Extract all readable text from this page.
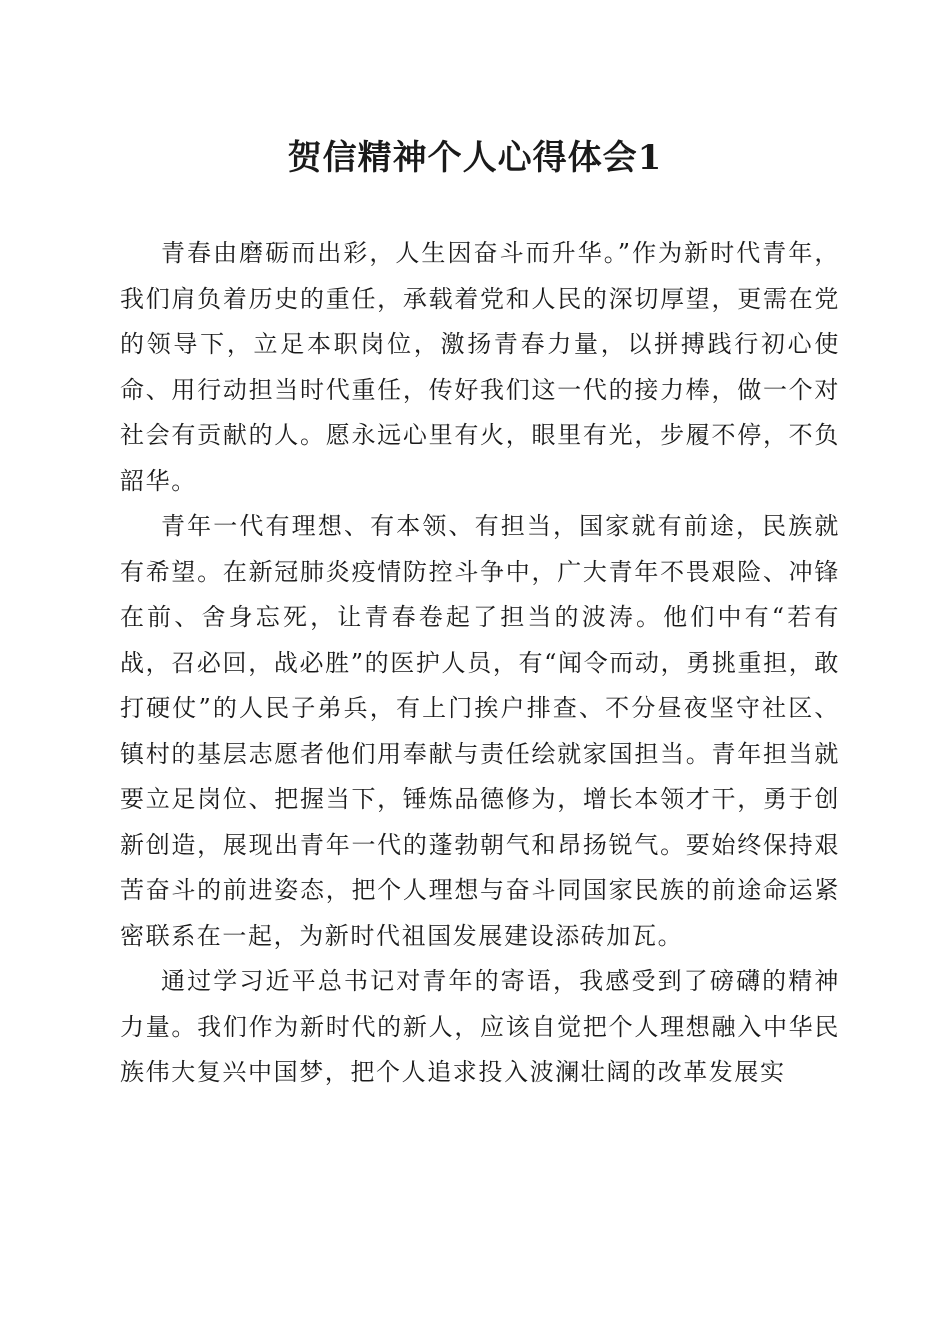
贺信精神个人心得体会1

青春由磨砺而出彩，人生因奋斗而升华。”作为新时代青年，我们肩负着历史的重任，承载着党和人民的深切厚望，更需在党的领导下，立足本职岗位，激扬青春力量，以拼搏践行初心使命、用行动担当时代重任，传好我们这一代的接力棒，做一个对社会有贡献的人。愿永远心里有火，眼里有光，步履不停，不负韶华。

青年一代有理想、有本领、有担当，国家就有前途，民族就有希望。在新冠肺炎疫情防控斗争中，广大青年不畏艰险、冲锋在前、舍身忘死，让青春卷起了担当的波涛。他们中有“若有战，召必回，战必胜”的医护人员，有“闻令而动，勇挑重担，敢打硬仗”的人民子弟兵，有上门挨户排查、不分昼夜坚守社区、镇村的基层志愿者他们用奉献与责任绘就家国担当。青年担当就要立足岗位、把握当下，锤炼品德修为，增长本领才干，勇于创新创造，展现出青年一代的蓬勃朝气和昂扬锐气。要始终保持艰苦奋斗的前进姿态，把个人理想与奋斗同国家民族的前途命运紧密联系在一起，为新时代祖国发展建设添砖加瓦。

通过学习近平总书记对青年的寄语，我感受到了磅礴的精神力量。我们作为新时代的新人，应该自觉把个人理想融入中华民族伟大复兴中国梦，把个人追求投入波澜壮阔的改革发展实
